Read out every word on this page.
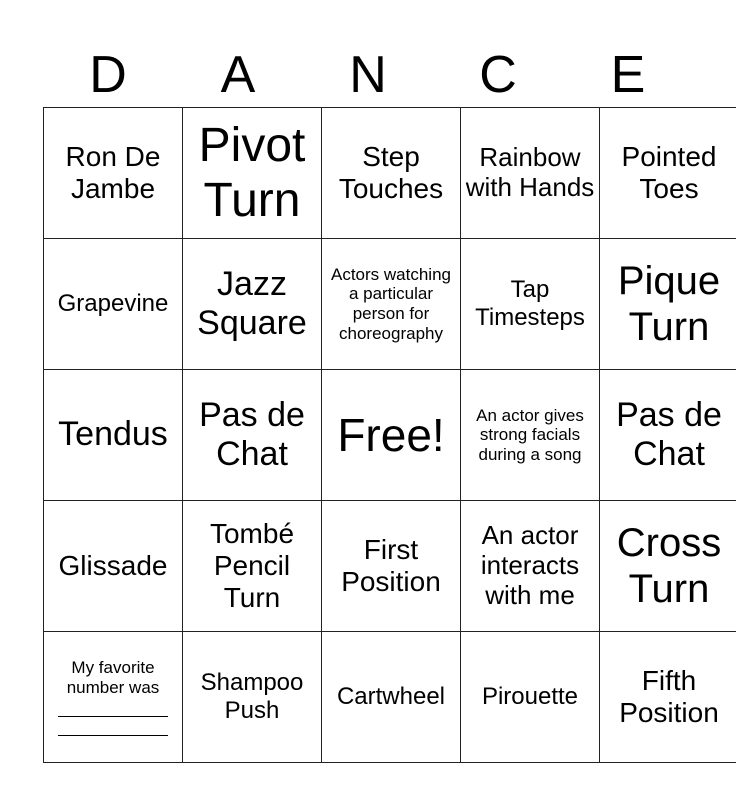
D	A	N	C	E
Ron De Jambe	Pivot Turn	Step Touches	Rainbow with Hands	Pointed Toes
Grapevine	Jazz Square	Actors watching a particular person for choreography	Tap Timesteps	Pique Turn
Tendus	Pas de Chat	Free!	An actor gives strong facials during a song	Pas de Chat
Glissade	Tombé Pencil Turn	First Position	An actor interacts with me	Cross Turn
My favorite number was	Shampoo Push	Cartwheel	Pirouette	Fifth Position
